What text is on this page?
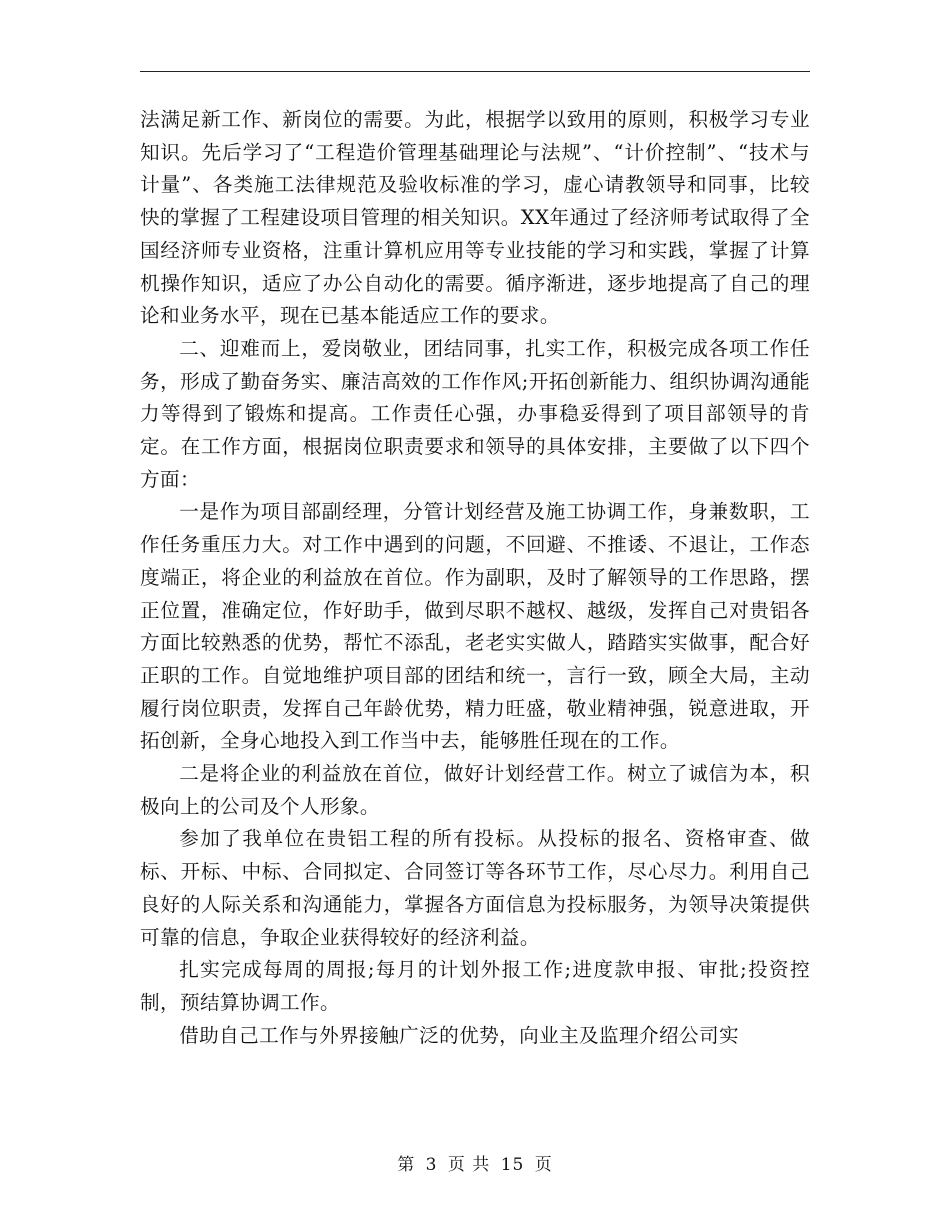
法满足新工作、新岗位的需要。为此，根据学以致用的原则，积极学习专业知识。先后学习了“工程造价管理基础理论与法规”、“计价控制”、“技术与计量”、各类施工法律规范及验收标准的学习，虚心请教领导和同事，比较快的掌握了工程建设项目管理的相关知识。XX年通过了经济师考试取得了全国经济师专业资格，注重计算机应用等专业技能的学习和实践，掌握了计算机操作知识，适应了办公自动化的需要。循序渐进，逐步地提高了自己的理论和业务水平，现在已基本能适应工作的要求。

二、迎难而上，爱岗敬业，团结同事，扎实工作，积极完成各项工作任务，形成了勤奋务实、廉洁高效的工作作风;开拓创新能力、组织协调沟通能力等得到了锻炼和提高。工作责任心强，办事稳妥得到了项目部领导的肯定。在工作方面，根据岗位职责要求和领导的具体安排，主要做了以下四个方面：

一是作为项目部副经理，分管计划经营及施工协调工作，身兼数职，工作任务重压力大。对工作中遇到的问题，不回避、不推诿、不退让，工作态度端正，将企业的利益放在首位。作为副职，及时了解领导的工作思路，摆正位置，准确定位，作好助手，做到尽职不越权、越级，发挥自己对贵铝各方面比较熟悉的优势，帮忙不添乱，老老实实做人，踏踏实实做事，配合好正职的工作。自觉地维护项目部的团结和统一，言行一致，顾全大局，主动履行岗位职责，发挥自己年龄优势，精力旺盛，敬业精神强，锐意进取，开拓创新，全身心地投入到工作当中去，能够胜任现在的工作。

二是将企业的利益放在首位，做好计划经营工作。树立了诚信为本，积极向上的公司及个人形象。

参加了我单位在贵铝工程的所有投标。从投标的报名、资格审查、做标、开标、中标、合同拟定、合同签订等各环节工作，尽心尽力。利用自己良好的人际关系和沟通能力，掌握各方面信息为投标服务，为领导决策提供可靠的信息，争取企业获得较好的经济利益。

扎实完成每周的周报;每月的计划外报工作;进度款申报、审批;投资控制，预结算协调工作。

借助自己工作与外界接触广泛的优势，向业主及监理介绍公司实

第 3 页 共 15 页
